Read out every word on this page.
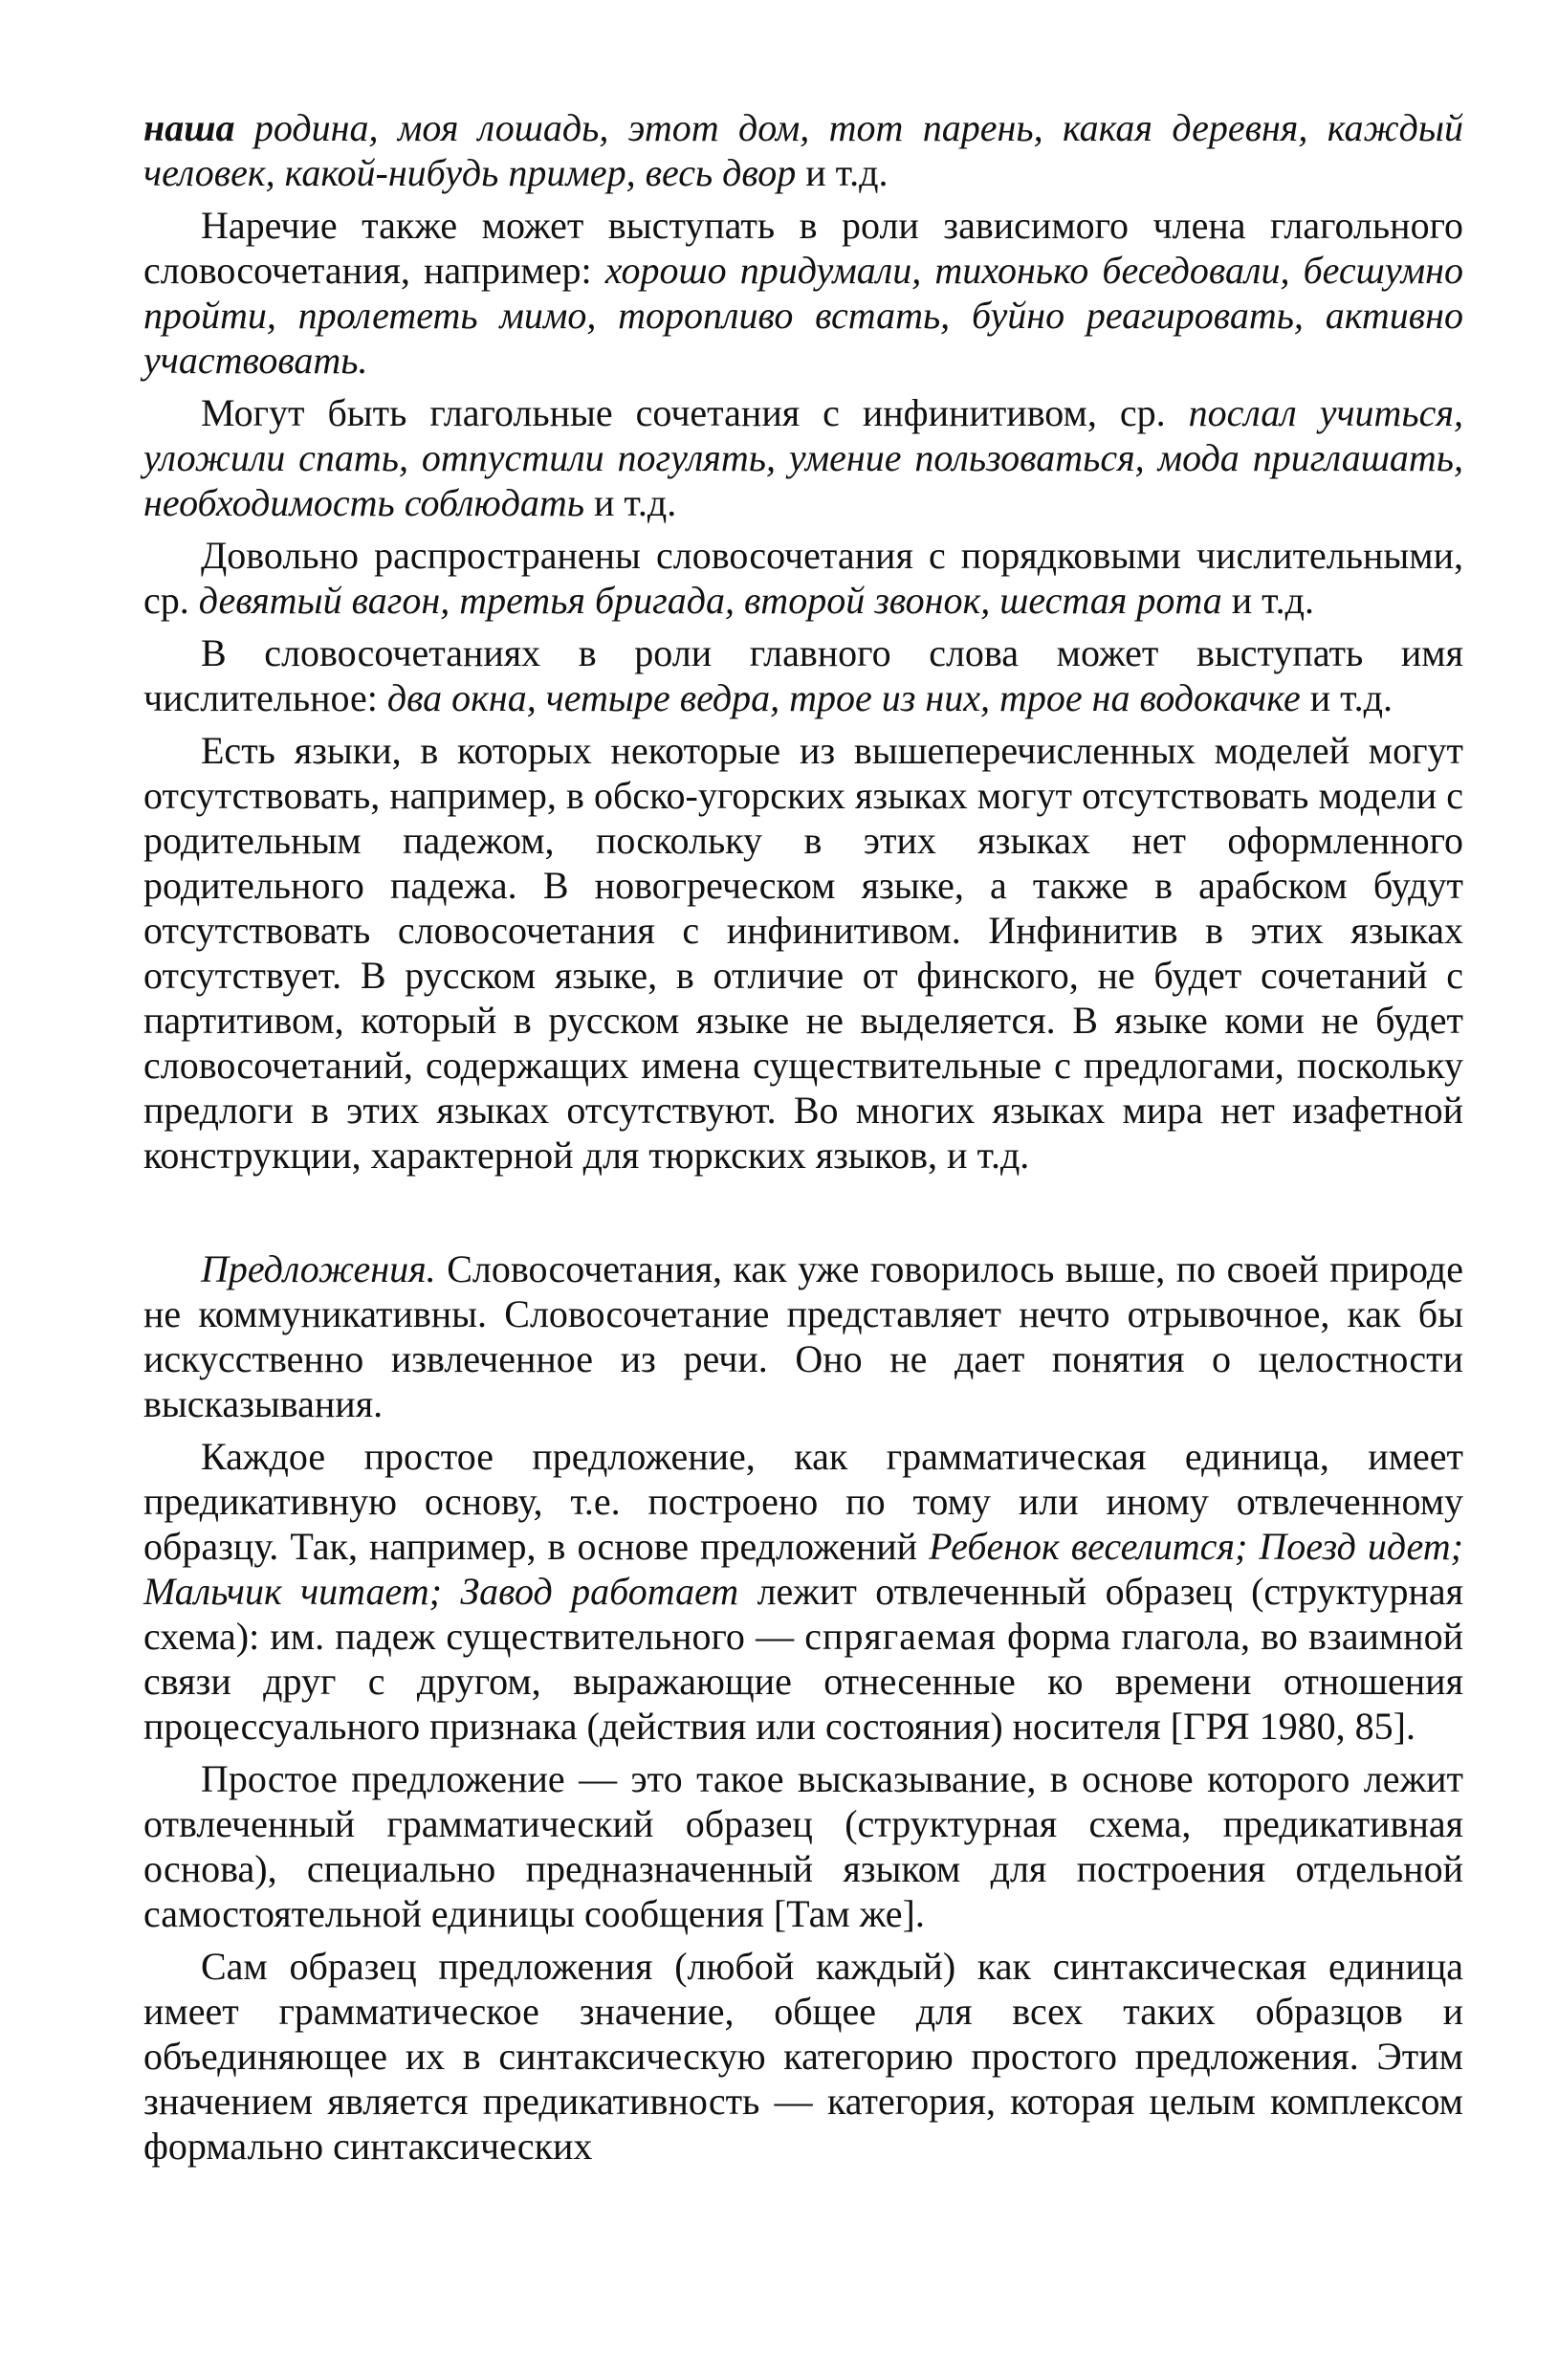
наша родина, моя лошадь, этот дом, тот парень, какая деревня, каждый человек, какой-нибудь пример, весь двор и т.д.

Наречие также может выступать в роли зависимого члена глагольного словосочетания, например: хорошо придумали, тихонько беседовали, бесшумно пройти, пролететь мимо, торопливо встать, буйно реагировать, активно участвовать.

Могут быть глагольные сочетания с инфинитивом, ср. послал учиться, уложили спать, отпустили погулять, умение пользоваться, мода приглашать, необходимость соблюдать и т.д.

Довольно распространены словосочетания с порядковыми числительными, ср. девятый вагон, третья бригада, второй звонок, шестая рота и т.д.

В словосочетаниях в роли главного слова может выступать имя числительное: два окна, четыре ведра, трое из них, трое на водокачке и т.д.

Есть языки, в которых некоторые из вышеперечисленных моделей могут отсутствовать, например, в обско-угорских языках могут отсутствовать модели с родительным падежом, поскольку в этих языках нет оформленного родительного падежа. В новогреческом языке, а также в арабском будут отсутствовать словосочетания с инфинитивом. Инфинитив в этих языках отсутствует. В русском языке, в отличие от финского, не будет сочетаний с партитивом, который в русском языке не выделяется. В языке коми не будет словосочетаний, содержащих имена существительные с предлогами, поскольку предлоги в этих языках отсутствуют. Во многих языках мира нет изафетной конструкции, характерной для тюркских языков, и т.д.

Предложения. Словосочетания, как уже говорилось выше, по своей природе не коммуникативны. Словосочетание представляет нечто отрывочное, как бы искусственно извлеченное из речи. Оно не дает понятия о целостности высказывания.

Каждое простое предложение, как грамматическая единица, имеет предикативную основу, т.е. построено по тому или иному отвлеченному образцу. Так, например, в основе предложений Ребенок веселится; Поезд идет; Мальчик читает; Завод работает лежит отвлеченный образец (структурная схема): им. падеж существительного — спрягаемая форма глагола, во взаимной связи друг с другом, выражающие отнесенные ко времени отношения процессуального признака (действия или состояния) носителя [ГРЯ 1980, 85].

Простое предложение — это такое высказывание, в основе которого лежит отвлеченный грамматический образец (структурная схема, предикативная основа), специально предназначенный языком для построения отдельной самостоятельной единицы сообщения [Там же].

Сам образец предложения (любой каждый) как синтаксическая единица имеет грамматическое значение, общее для всех таких образцов и объединяющее их в синтаксическую категорию простого предложения. Этим значением является предикативность — категория, которая целым комплексом формально синтаксических
